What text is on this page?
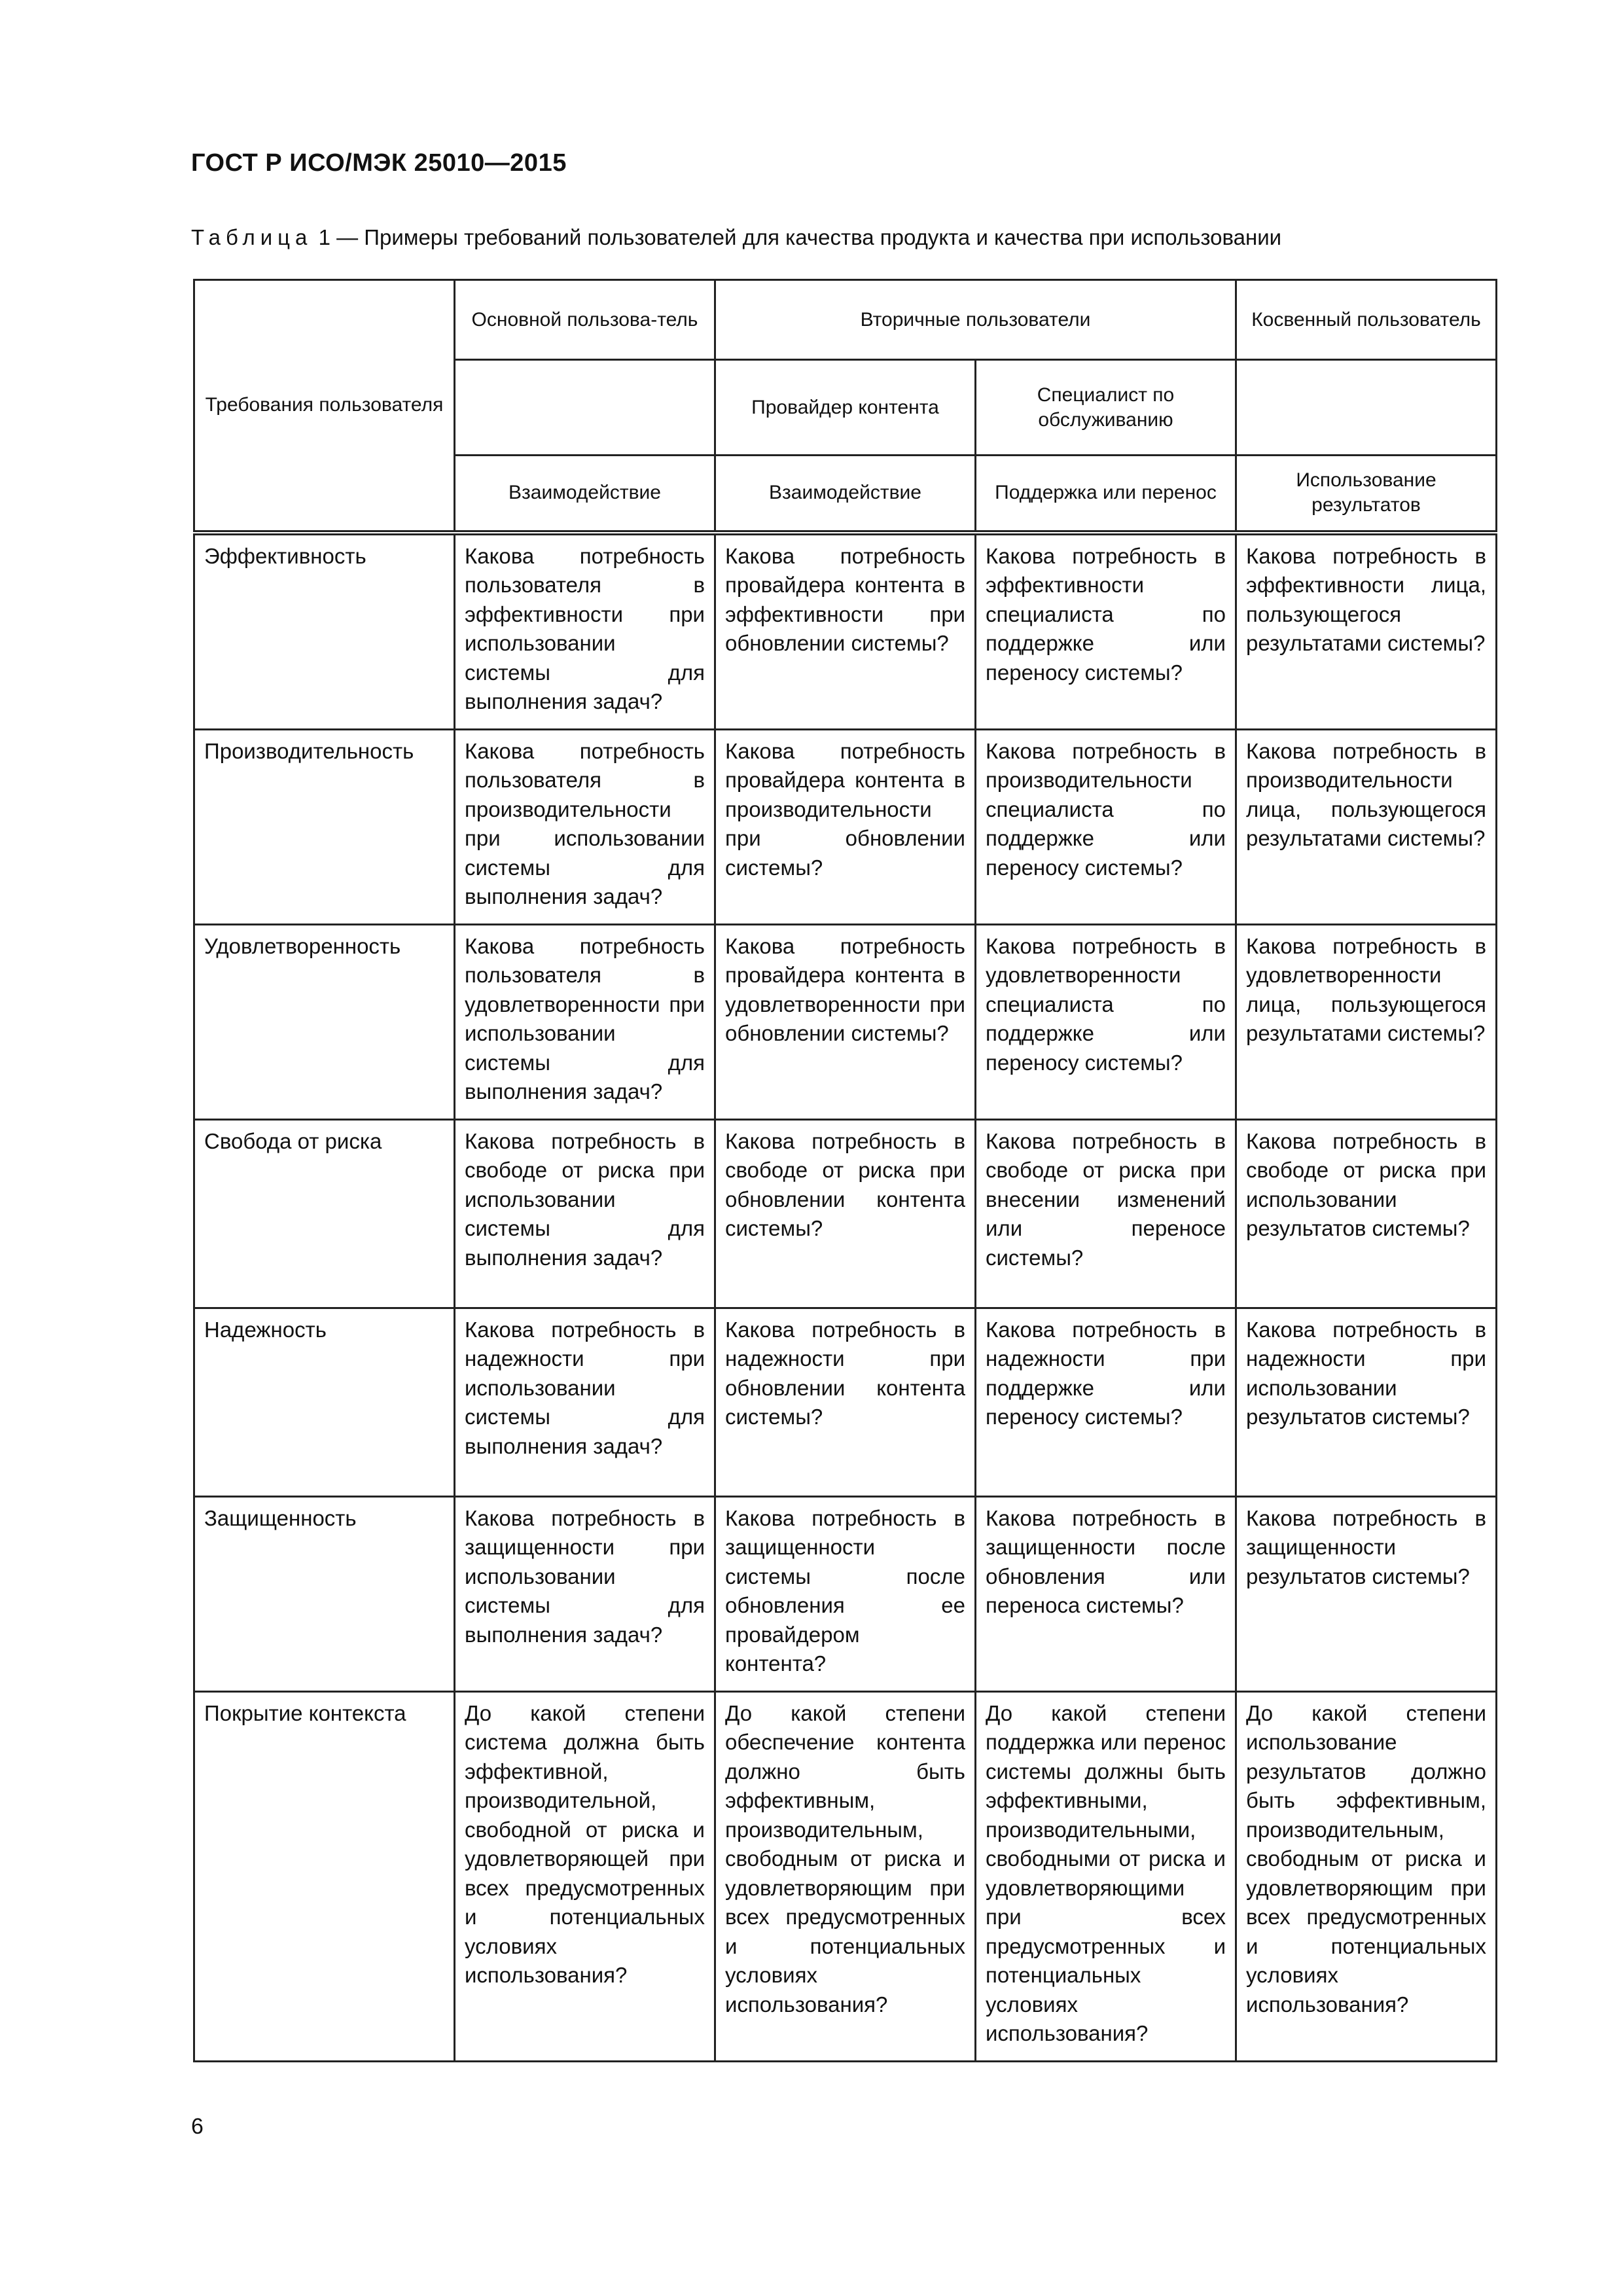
ГОСТ Р ИСО/МЭК 25010—2015
Таблица 1 — Примеры требований пользователей для качества продукта и качества при использовании
Требования пользователя	Основной пользова-тель	Вторичные пользователи		Косвенный пользователь
		Провайдер контента	Специалист по обслуживанию	
	Взаимодействие	Взаимодействие	Поддержка или перенос	Использование результатов
Эффективность	Какова потребность пользователя в эффективности при использовании системы для выполнения задач?	Какова потребность провайдера контента в эффективности при обновлении системы?	Какова потребность в эффективности специалиста по поддержке или переносу системы?	Какова потребность в эффективности лица, пользующегося результатами системы?
Производительность	Какова потребность пользователя в производительности при использовании системы для выполнения задач?	Какова потребность провайдера контента в производительности при обновлении системы?	Какова потребность в производительности специалиста по поддержке или переносу системы?	Какова потребность в производительности лица, пользующегося результатами системы?
Удовлетворенность	Какова потребность пользователя в удовлетворенности при использовании системы для выполнения задач?	Какова потребность провайдера контента в удовлетворенности при обновлении системы?	Какова потребность в удовлетворенности специалиста по поддержке или переносу системы?	Какова потребность в удовлетворенности лица, пользующегося результатами системы?
Свобода от риска	Какова потребность в свободе от риска при использовании системы для выполнения задач?	Какова потребность в свободе от риска при обновлении контента системы?	Какова потребность в свободе от риска при внесении изменений или переносе системы?	Какова потребность в свободе от риска при использовании результатов системы?
Надежность	Какова потребность в надежности при использовании системы для выполнения задач?	Какова потребность в надежности при обновлении контента системы?	Какова потребность в надежности при поддержке или переносу системы?	Какова потребность в надежности при использовании результатов системы?
Защищенность	Какова потребность в защищенности при использовании системы для выполнения задач?	Какова потребность в защищенности системы после обновления ее провайдером контента?	Какова потребность в защищенности после обновления или переноса системы?	Какова потребность в защищенности результатов системы?
Покрытие контекста	До какой степени система должна быть эффективной, производительной, свободной от риска и удовлетворяющей при всех предусмотренных и потенциальных условиях использования?	До какой степени обеспечение контента должно быть эффективным, производительным, свободным от риска и удовлетворяющим при всех предусмотренных и потенциальных условиях использования?	До какой степени поддержка или перенос системы должны быть эффективными, производительными, свободными от риска и удовлетворяющими при всех предусмотренных и потенциальных условиях использования?	До какой степени использование результатов должно быть эффективным, производительным, свободным от риска и удовлетворяющим при всех предусмотренных и потенциальных условиях использования?
6
